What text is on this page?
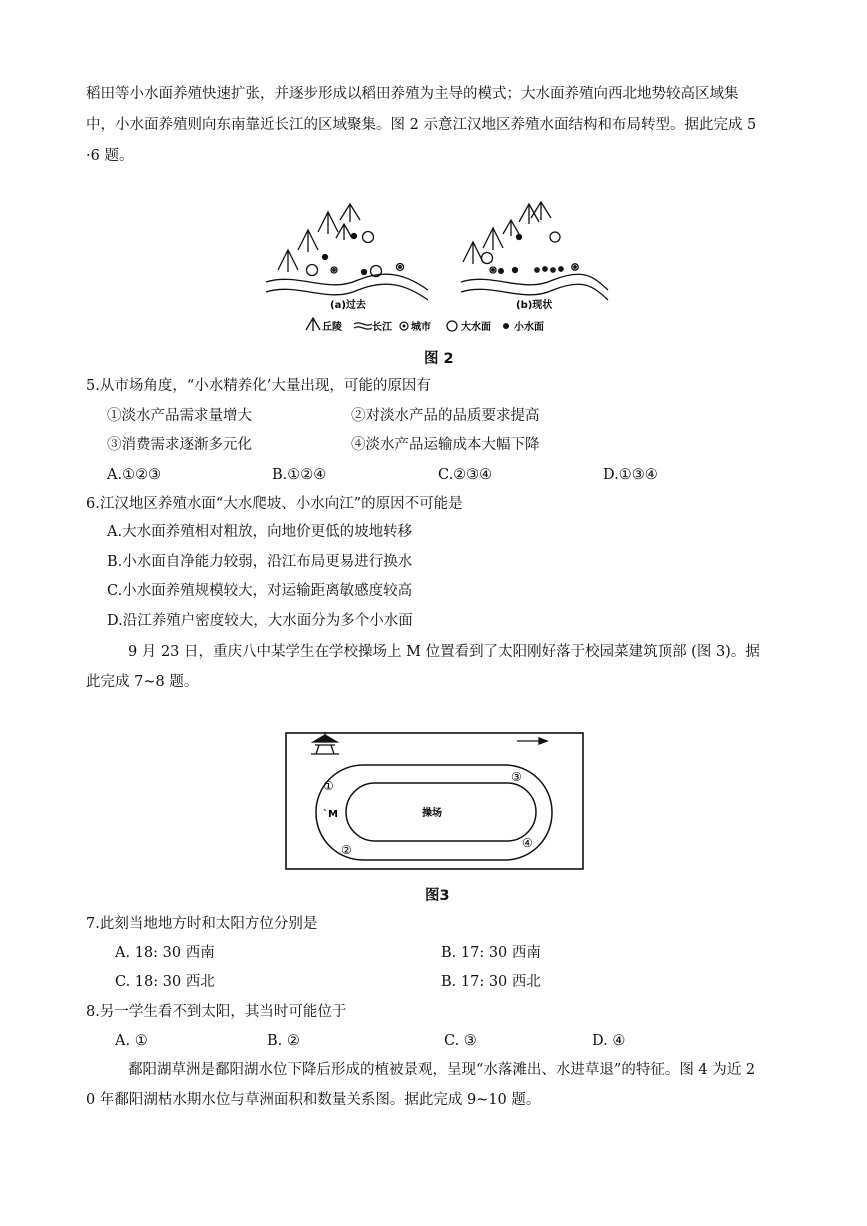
稻田等小水面养殖快速扩张，并逐步形成以稻田养殖为主导的模式；大水面养殖向西北地势较高区域集
中，小水面养殖则向东南靠近长江的区域聚集。图 2 示意江汉地区养殖水面结构和布局转型。据此完成 5
·6 题。
(a)过去	(b)现状
丘陵	长江 城市	大水面 小水面
图 2
5.从市场角度，“小水精养化’大量出现，可能的原因有
①淡水产品需求量增大	②对淡水产品的品质要求提高
③消费需求逐渐多元化	④淡水产品运输成本大幅下降
A.①②③	B.①②④	C.②③④	D.①③④
6.江汉地区养殖水面“大水爬坡、小水向江”的原因不可能是
A.大水面养殖相对粗放，向地价更低的坡地转移
B.小水面自净能力较弱，沿江布局更易进行换水
C.小水面养殖规模较大，对运输距离敏感度较高
D.沿江养殖户密度较大，大水面分为多个小水面
9 月 23 日，重庆八中某学生在学校操场上 M 位置看到了太阳刚好落于校园菜建筑顶部 (图 3)。据
此完成 7~8 题。
操场
`M
①
②
③
④
图3
7.此刻当地地方时和太阳方位分别是
A. 18: 30 西南	B. 17: 30 西南
C. 18: 30 西北	B. 17: 30 西北
8.另一学生看不到太阳，其当时可能位于
A. ①	B. ②	C. ③	D. ④
鄱阳湖草洲是鄱阳湖水位下降后形成的植被景观，呈现“水落滩出、水进草退”的特征。图 4 为近 2
0 年鄱阳湖枯水期水位与草洲面积和数量关系图。据此完成 9~10 题。
